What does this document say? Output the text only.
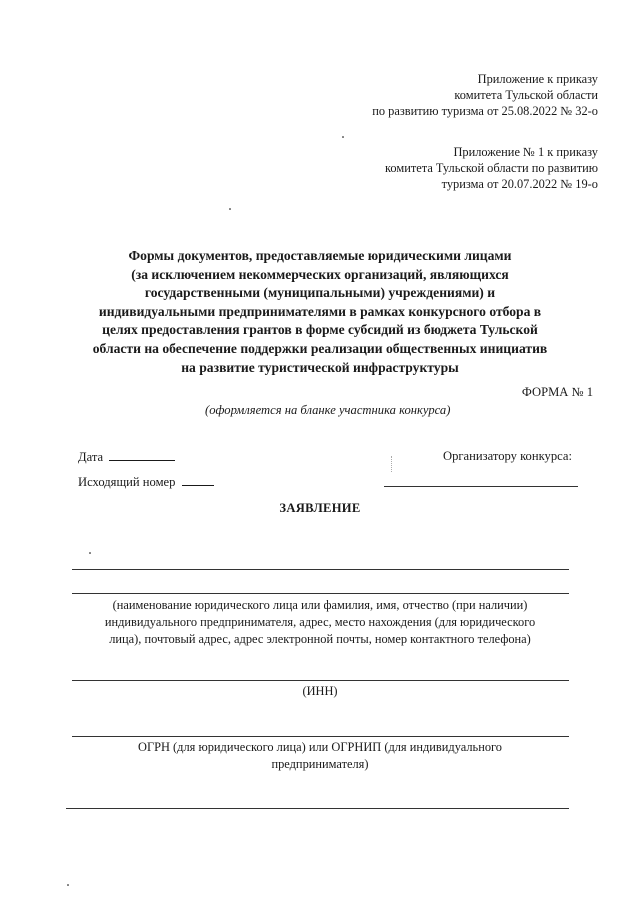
Приложение к приказу
комитета Тульской области
по развитию туризма от 25.08.2022 № 32-о
Приложение № 1 к приказу
комитета Тульской области по развитию
туризма от 20.07.2022 № 19-о
Формы документов, предоставляемые юридическими лицами
(за исключением некоммерческих организаций, являющихся
государственными (муниципальными) учреждениями) и
индивидуальными предпринимателями в рамках конкурсного отбора в
целях предоставления грантов в форме субсидий из бюджета Тульской
области на обеспечение поддержки реализации общественных инициатив
на развитие туристической инфраструктуры
ФОРМА № 1
(оформляется на бланке участника конкурса)
Дата	Организатору конкурса:
Исходящий номер
ЗАЯВЛЕНИЕ
(наименование юридического лица или фамилия, имя, отчество (при наличии)
индивидуального предпринимателя, адрес, место нахождения (для юридического
лица), почтовый адрес, адрес электронной почты, номер контактного телефона)
(ИНН)
ОГРН (для юридического лица) или ОГРНИП (для индивидуального
предпринимателя)
